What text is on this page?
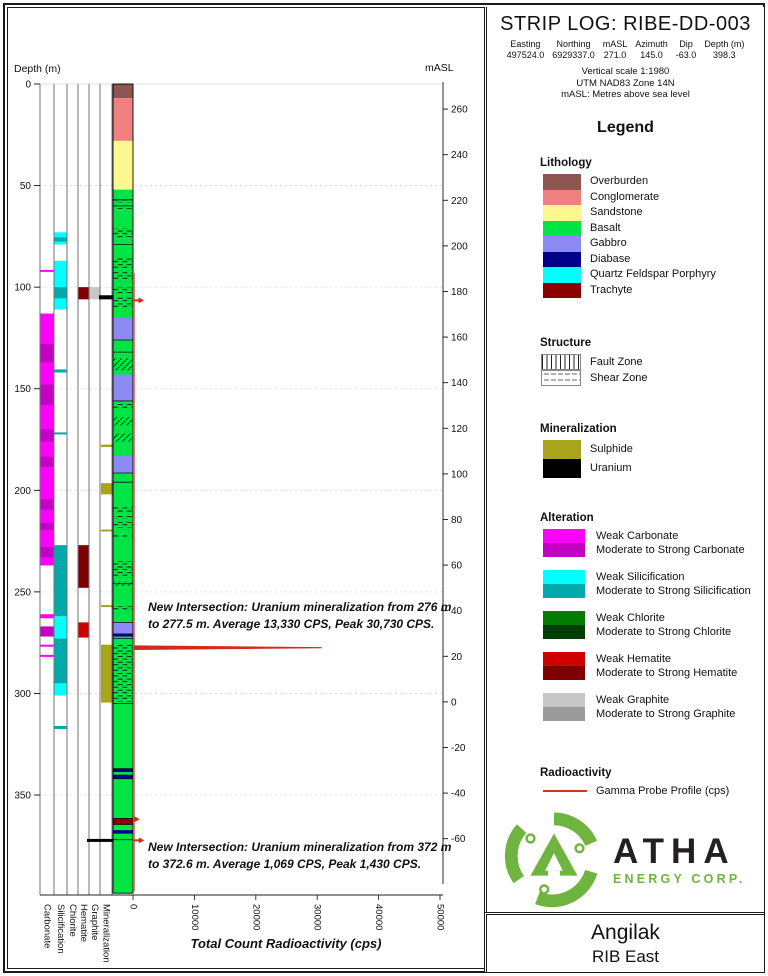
0
50
100
150
200
250
300
350
Depth (m)
260
240
220
200
180
160
140
120
100
80
60
40
20
0
-20
-40
-60
mASL
0	10000	20000	30000	40000	50000
Carbonate Silicification Chlorite Hematite Graphite Mineralization	Total Count Radioactivity (cps)
New Intersection: Uranium mineralization from 276 m
to 277.5 m. Average 13,330 CPS, Peak 30,730 CPS.
New Intersection: Uranium mineralization from 372 m
to 372.6 m. Average 1,069 CPS, Peak 1,430 CPS.
STRIP LOG: RIBE-DD-003
Easting
497524.0
Northing
6929337.0
mASL
271.0
Azimuth
145.0
Dip
-63.0
Depth (m)
398.3
Vertical scale 1:1980
UTM NAD83 Zone 14N
mASL: Metres above sea level
Legend
Lithology
Overburden
Conglomerate
Sandstone
Basalt
Gabbro
Diabase
Quartz Feldspar Porphyry
Trachyte
Structure
Fault Zone
Shear Zone
Mineralization
Sulphide
Uranium
Alteration
Weak Carbonate
Moderate to Strong Carbonate
Weak Silicification
Moderate to Strong Silicification
Weak Chlorite
Moderate to Strong Chlorite
Weak Hematite
Moderate to Strong Hematite
Weak Graphite
Moderate to Strong Graphite
Radioactivity
Gamma Probe Profile (cps)
ATHA
ENERGY CORP.
Angilak
RIB East
